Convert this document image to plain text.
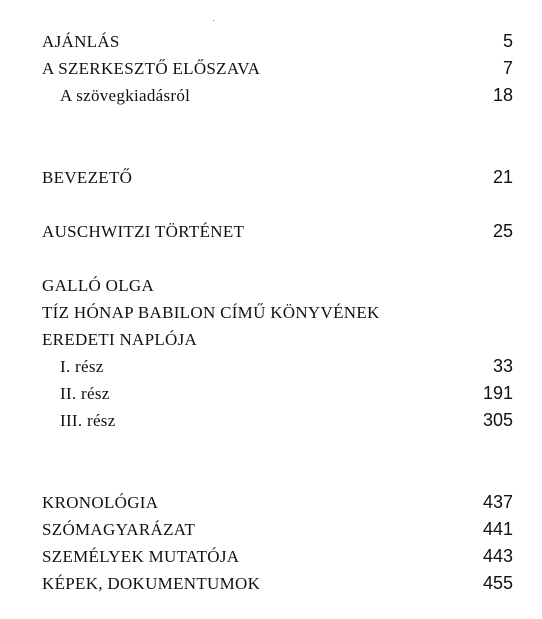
AJÁNLÁS	5
A SZERKESZTŐ ELŐSZAVA	7
A szövegkiadásról	18
BEVEZETŐ	21
AUSCHWITZI TÖRTÉNET	25
GALLÓ OLGA
TÍZ HÓNAP BABILON CÍMŰ KÖNYVÉNEK
EREDETI NAPLÓJA
I. rész	33
II. rész	191
III. rész	305
KRONOLÓGIA	437
SZÓMAGYARÁZAT	441
SZEMÉLYEK MUTATÓJA	443
KÉPEK, DOKUMENTUMOK	455
